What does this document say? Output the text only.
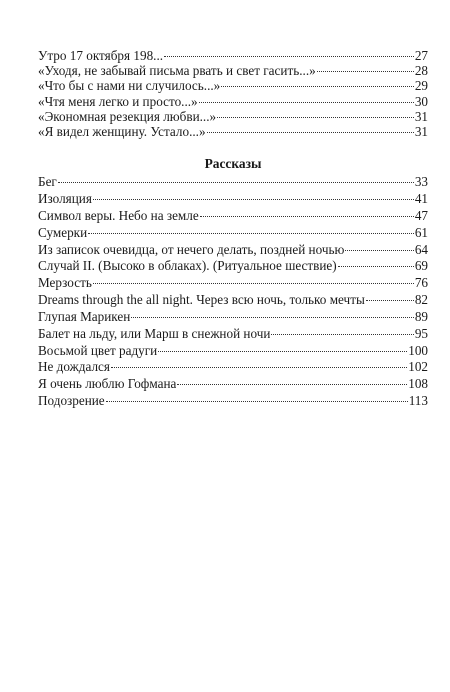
Утро 17 октября 198...	27
«Уходя, не забывай письма рвать и свет гасить...»	28
«Что бы с нами ни случилось...»	29
«Чтя меня легко и просто...»	30
«Экономная резекция любви...»	31
«Я видел женщину. Устало...»	31
Рассказы
Бег	33
Изоляция	41
Символ веры. Небо на земле	47
Сумерки	61
Из записок очевидца, от нечего делать, поздней ночью	64
Случай II. (Высоко в облаках). (Ритуальное шествие)	69
Мерзость	76
Dreams through the all night. Через всю ночь, только мечты	82
Глупая Марикен	89
Балет на льду, или Марш в снежной ночи	95
Восьмой цвет радуги	100
Не дождался	102
Я очень люблю Гофмана	108
Подозрение	113
